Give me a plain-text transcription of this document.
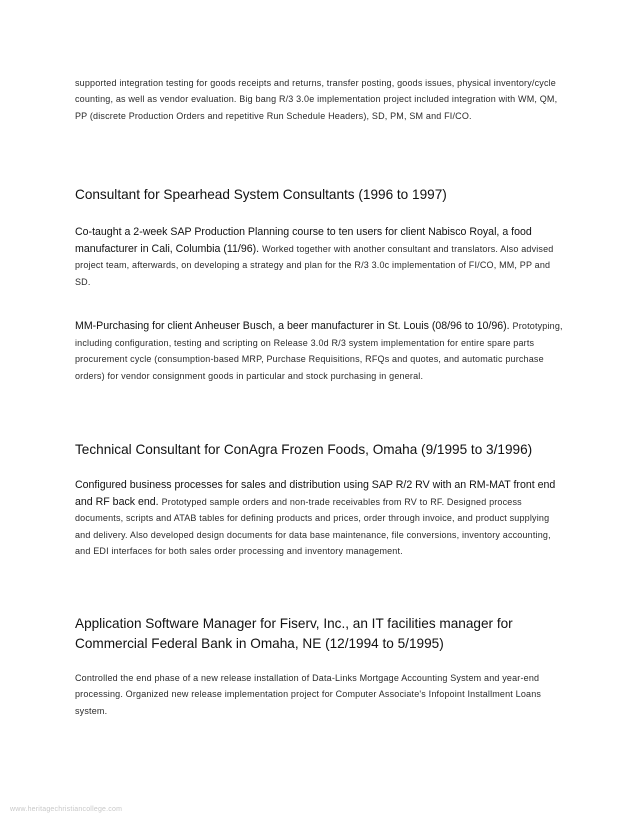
supported integration testing for goods receipts and returns, transfer posting, goods issues, physical inventory/cycle counting, as well as vendor evaluation. Big bang R/3 3.0e implementation project included integration with WM, QM, PP (discrete Production Orders and repetitive Run Schedule Headers), SD, PM, SM and FI/CO.
Consultant for Spearhead System Consultants (1996 to 1997)
Co-taught a 2-week SAP Production Planning course to ten users for client Nabisco Royal, a food manufacturer in Cali, Columbia (11/96). Worked together with another consultant and translators. Also advised project team, afterwards, on developing a strategy and plan for the R/3 3.0c implementation of FI/CO, MM, PP and SD.
MM-Purchasing for client Anheuser Busch, a beer manufacturer in St. Louis (08/96 to 10/96). Prototyping, including configuration, testing and scripting on Release 3.0d R/3 system implementation for entire spare parts procurement cycle (consumption-based MRP, Purchase Requisitions, RFQs and quotes, and automatic purchase orders) for vendor consignment goods in particular and stock purchasing in general.
Technical Consultant for ConAgra Frozen Foods, Omaha (9/1995 to 3/1996)
Configured business processes for sales and distribution using SAP R/2 RV with an RM-MAT front end and RF back end. Prototyped sample orders and non-trade receivables from RV to RF. Designed process documents, scripts and ATAB tables for defining products and prices, order through invoice, and product supplying and delivery. Also developed design documents for data base maintenance, file conversions, inventory accounting, and EDI interfaces for both sales order processing and inventory management.
Application Software Manager for Fiserv, Inc., an IT facilities manager for Commercial Federal Bank in Omaha, NE (12/1994 to 5/1995)
Controlled the end phase of a new release installation of Data-Links Mortgage Accounting System and year-end processing. Organized new release implementation project for Computer Associate's Infopoint Installment Loans system.
www.heritagechristiancollege.com
